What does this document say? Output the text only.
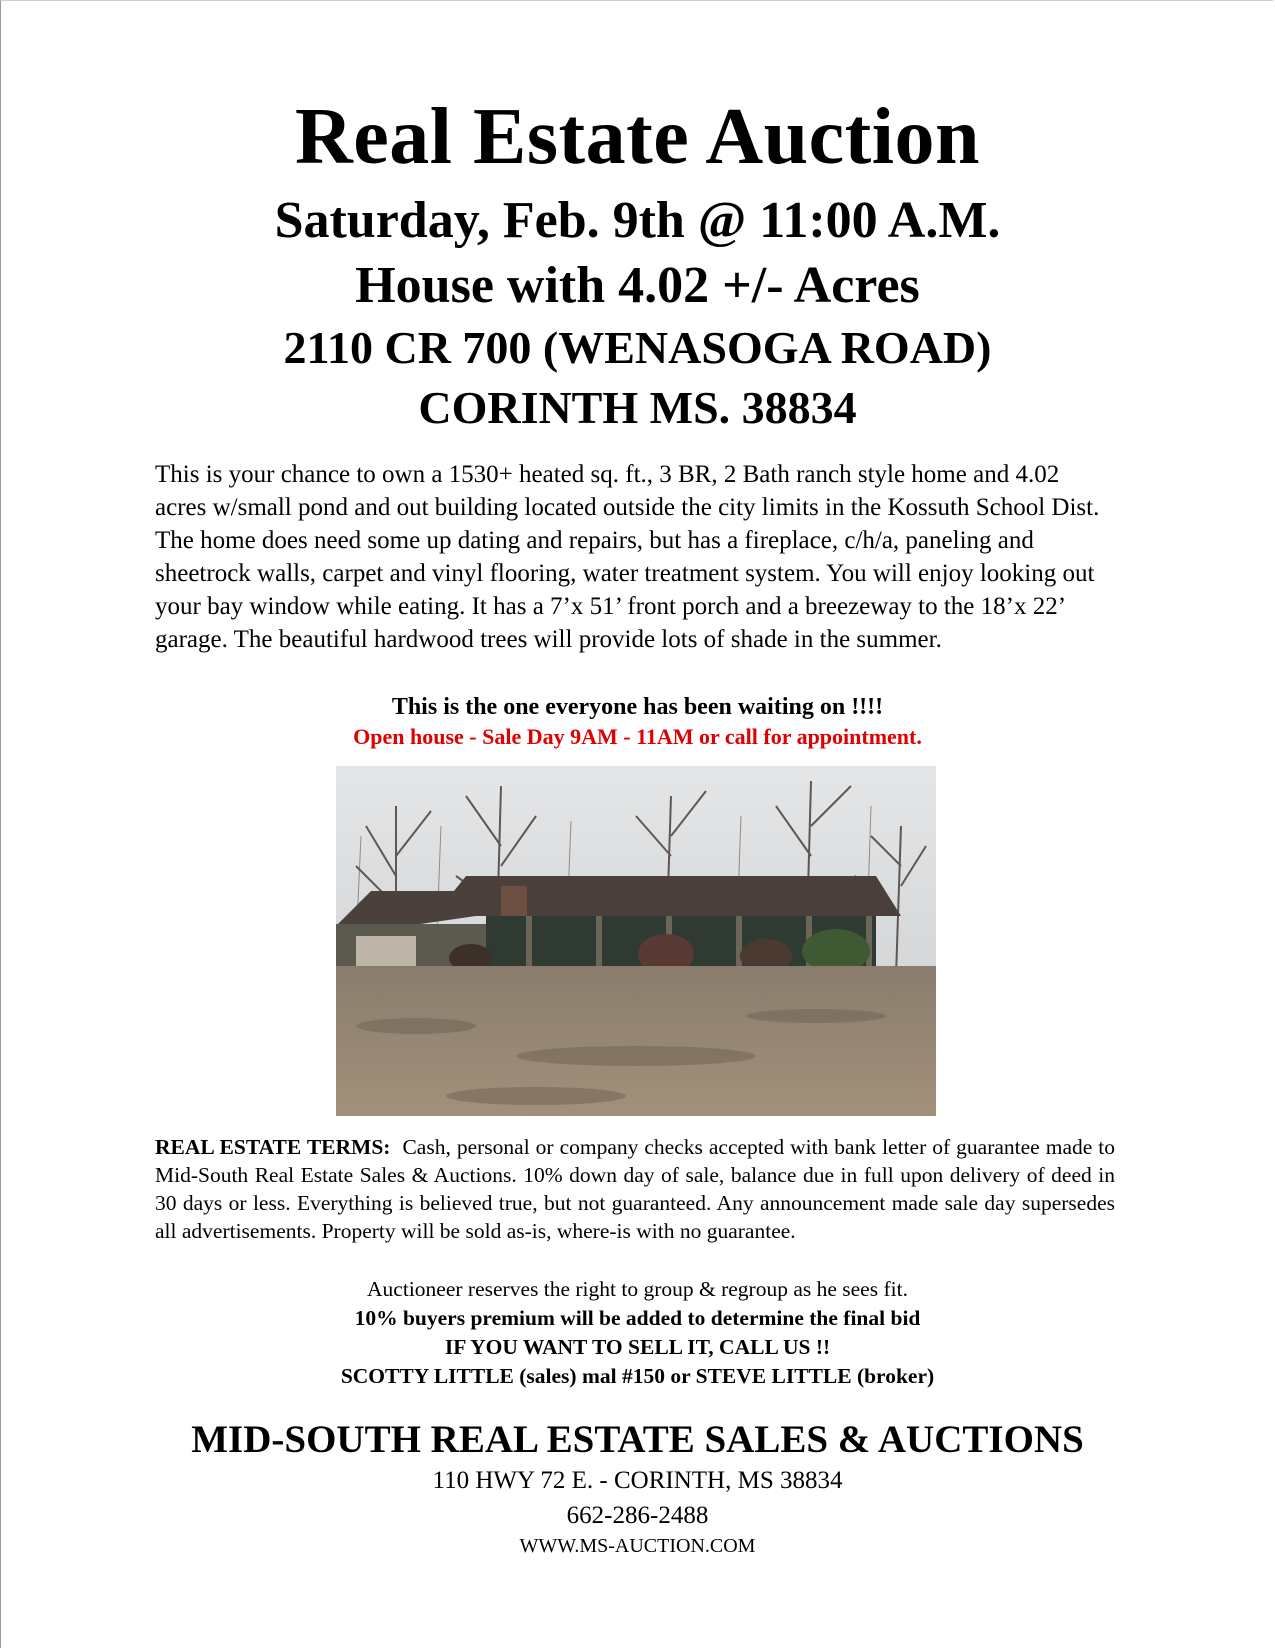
Real Estate Auction
Saturday, Feb. 9th @ 11:00 A.M.
House with 4.02 +/- Acres
2110 CR 700 (WENASOGA ROAD)
CORINTH MS. 38834

This is your chance to own a 1530+ heated sq. ft., 3 BR, 2 Bath ranch style home and 4.02 acres w/small pond and out building located outside the city limits in the Kossuth School Dist. The home does need some up dating and repairs, but has a fireplace, c/h/a, paneling and sheetrock walls, carpet and vinyl flooring, water treatment system. You will enjoy looking out your bay window while eating. It has a 7’x 51’ front porch and a breezeway to the 18’x 22’ garage. The beautiful hardwood trees will provide lots of shade in the summer.

This is the one everyone has been waiting on !!!!
Open house - Sale Day 9AM - 11AM or call for appointment.
REAL ESTATE TERMS: Cash, personal or company checks accepted with bank letter of guarantee made to Mid-South Real Estate Sales & Auctions. 10% down day of sale, balance due in full upon delivery of deed in 30 days or less. Everything is believed true, but not guaranteed. Any announcement made sale day supersedes all advertisements. Property will be sold as-is, where-is with no guarantee.
Auctioneer reserves the right to group & regroup as he sees fit.
10% buyers premium will be added to determine the final bid
IF YOU WANT TO SELL IT, CALL US !!
SCOTTY LITTLE (sales) mal #150 or STEVE LITTLE (broker)
MID-SOUTH REAL ESTATE SALES & AUCTIONS
110 HWY 72 E. - CORINTH, MS 38834
662-286-2488
WWW.MS-AUCTION.COM
